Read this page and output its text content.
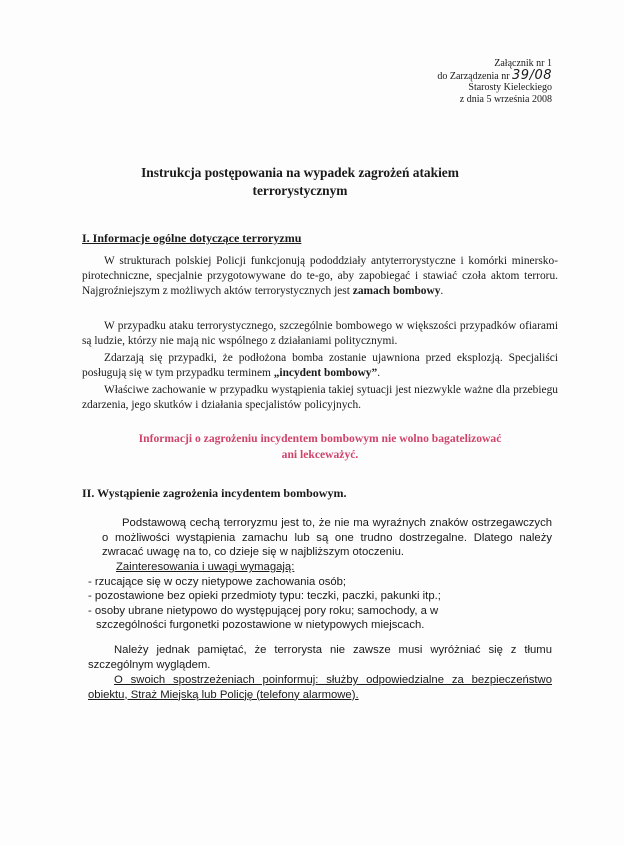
Załącznik nr 1
do Zarządzenia nr 39/08
Starosty Kieleckiego
z dnia 5 września 2008
Instrukcja postępowania na wypadek zagrożeń atakiem
terrorystycznym
I. Informacje ogólne dotyczące terroryzmu
W strukturach polskiej Policji funkcjonują pododdziały antyterrorystyczne i komórki minersko-pirotechniczne, specjalnie przygotowywane do te-go, aby zapobiegać i stawiać czoła aktom terroru. Najgroźniejszym z możliwych aktów terrorystycznych jest zamach bombowy.
W przypadku ataku terrorystycznego, szczególnie bombowego w większości przypadków ofiarami są ludzie, którzy nie mają nic wspólnego z działaniami politycznymi.
Zdarzają się przypadki, że podłożona bomba zostanie ujawniona przed eksplozją. Specjaliści posługują się w tym przypadku terminem „incydent bombowy”.
Właściwe zachowanie w przypadku wystąpienia takiej sytuacji jest niezwykle ważne dla przebiegu zdarzenia, jego skutków i działania specjalistów policyjnych.
Informacji o zagrożeniu incydentem bombowym nie wolno bagatelizować
ani lekceważyć.
II. Wystąpienie zagrożenia incydentem bombowym.
Podstawową cechą terroryzmu jest to, że nie ma wyraźnych znaków ostrzegawczych o możliwości wystąpienia zamachu lub są one trudno dostrzegalne. Dlatego należy zwracać uwagę na to, co dzieje się w najbliższym otoczeniu.
Zainteresowania i uwagi wymagają:
- rzucające się w oczy nietypowe zachowania osób;
- pozostawione bez opieki przedmioty typu: teczki, paczki, pakunki itp.;
- osoby ubrane nietypowo do występującej pory roku; samochody, a w
szczególności furgonetki pozostawione w nietypowych miejscach.
Należy jednak pamiętać, że terrorysta nie zawsze musi wyróżniać się z tłumu szczególnym wyglądem.
O swoich spostrzeżeniach poinformuj: służby odpowiedzialne za bezpieczeństwo obiektu, Straż Miejską lub Policję (telefony alarmowe).
